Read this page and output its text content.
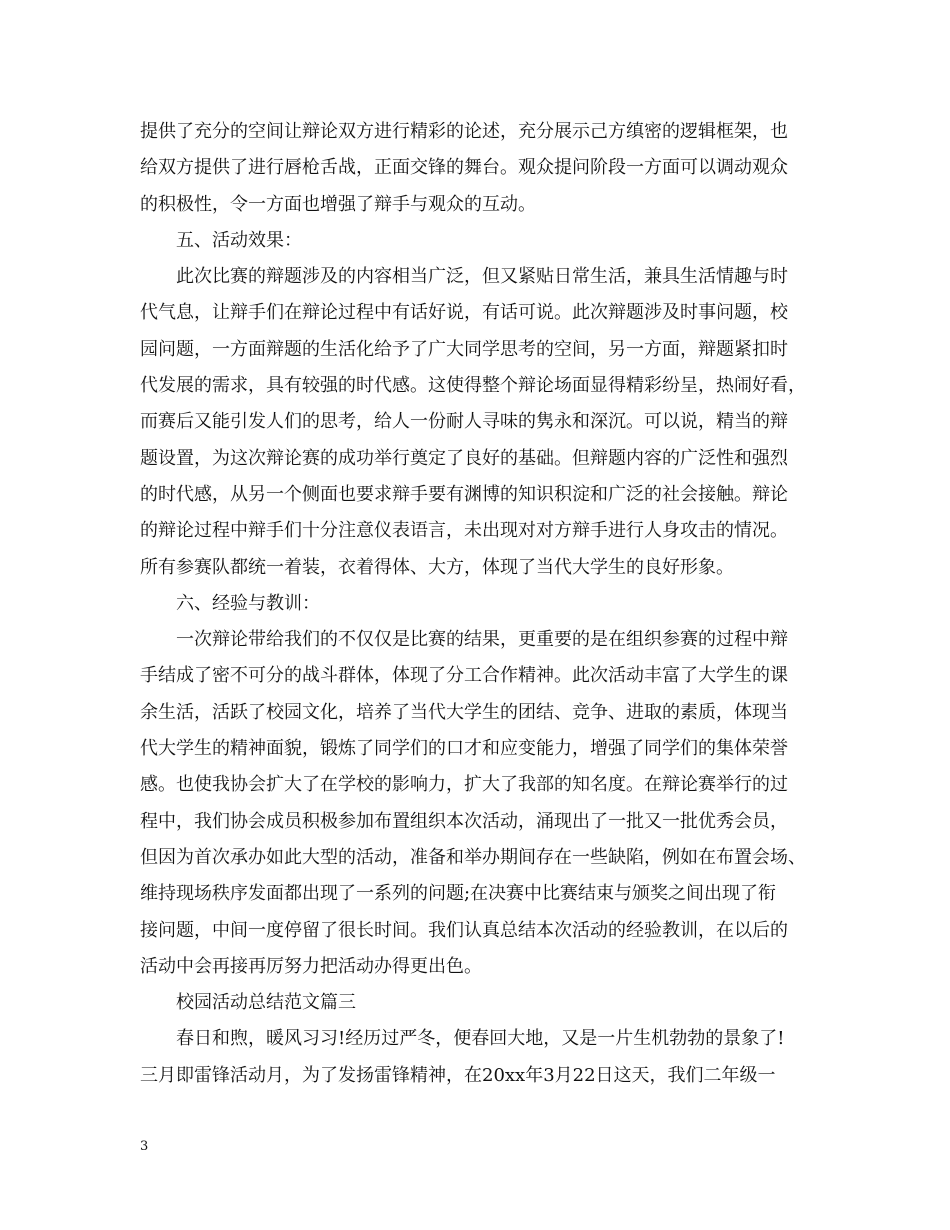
提供了充分的空间让辩论双方进行精彩的论述，充分展示己方缜密的逻辑框架，也
给双方提供了进行唇枪舌战，正面交锋的舞台。观众提问阶段一方面可以调动观众
的积极性，令一方面也增强了辩手与观众的互动。
五、活动效果：
此次比赛的辩题涉及的内容相当广泛，但又紧贴日常生活，兼具生活情趣与时
代气息，让辩手们在辩论过程中有话好说，有话可说。此次辩题涉及时事问题，校
园问题，一方面辩题的生活化给予了广大同学思考的空间，另一方面，辩题紧扣时
代发展的需求，具有较强的时代感。这使得整个辩论场面显得精彩纷呈，热闹好看，
而赛后又能引发人们的思考，给人一份耐人寻味的隽永和深沉。可以说，精当的辩
题设置，为这次辩论赛的成功举行奠定了良好的基础。但辩题内容的广泛性和强烈
的时代感，从另一个侧面也要求辩手要有渊博的知识积淀和广泛的社会接触。辩论
的辩论过程中辩手们十分注意仪表语言，未出现对对方辩手进行人身攻击的情况。
所有参赛队都统一着装，衣着得体、大方，体现了当代大学生的良好形象。
六、经验与教训：
一次辩论带给我们的不仅仅是比赛的结果，更重要的是在组织参赛的过程中辩
手结成了密不可分的战斗群体，体现了分工合作精神。此次活动丰富了大学生的课
余生活，活跃了校园文化，培养了当代大学生的团结、竞争、进取的素质，体现当
代大学生的精神面貌，锻炼了同学们的口才和应变能力，增强了同学们的集体荣誉
感。也使我协会扩大了在学校的影响力，扩大了我部的知名度。在辩论赛举行的过
程中，我们协会成员积极参加布置组织本次活动，涌现出了一批又一批优秀会员，
但因为首次承办如此大型的活动，准备和举办期间存在一些缺陷，例如在布置会场、
维持现场秩序发面都出现了一系列的问题;在决赛中比赛结束与颁奖之间出现了衔
接问题，中间一度停留了很长时间。我们认真总结本次活动的经验教训，在以后的
活动中会再接再厉努力把活动办得更出色。
校园活动总结范文篇三
春日和煦，暖风习习!经历过严冬，便春回大地，又是一片生机勃勃的景象了!
三月即雷锋活动月，为了发扬雷锋精神，在20xx年3月22日这天，我们二年级一
3
